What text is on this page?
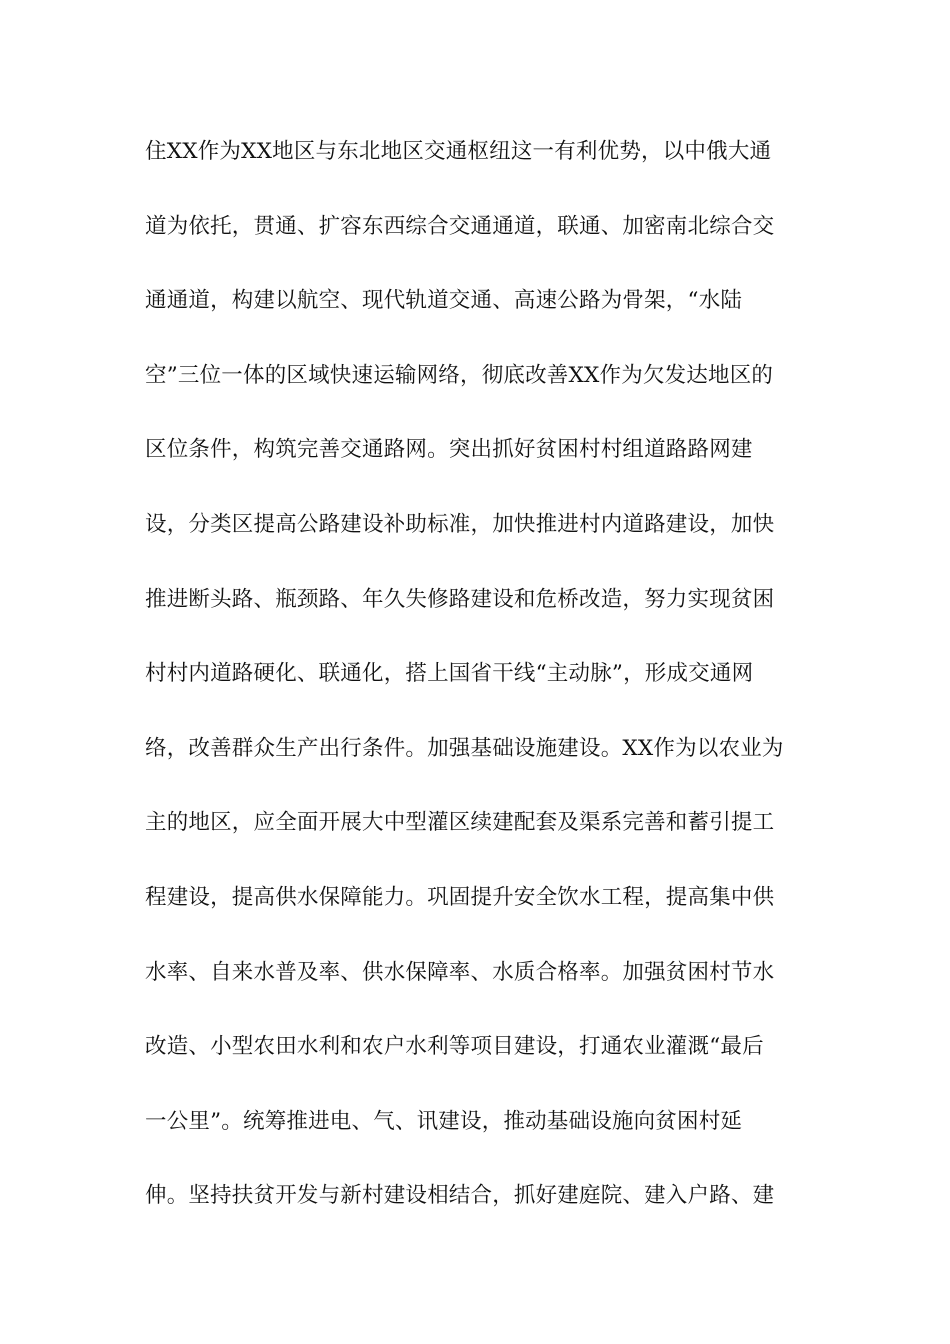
住XX作为XX地区与东北地区交通枢纽这一有利优势，以中俄大通
道为依托，贯通、扩容东西综合交通通道，联通、加密南北综合交
通通道，构建以航空、现代轨道交通、高速公路为骨架，“水陆
空”三位一体的区域快速运输网络，彻底改善XX作为欠发达地区的
区位条件，构筑完善交通路网。突出抓好贫困村村组道路路网建
设，分类区提高公路建设补助标准，加快推进村内道路建设，加快
推进断头路、瓶颈路、年久失修路建设和危桥改造，努力实现贫困
村村内道路硬化、联通化，搭上国省干线“主动脉”，形成交通网
络，改善群众生产出行条件。加强基础设施建设。XX作为以农业为
主的地区，应全面开展大中型灌区续建配套及渠系完善和蓄引提工
程建设，提高供水保障能力。巩固提升安全饮水工程，提高集中供
水率、自来水普及率、供水保障率、水质合格率。加强贫困村节水
改造、小型农田水利和农户水利等项目建设，打通农业灌溉“最后
一公里”。统筹推进电、气、讯建设，推动基础设施向贫困村延
伸。坚持扶贫开发与新村建设相结合，抓好建庭院、建入户路、建
